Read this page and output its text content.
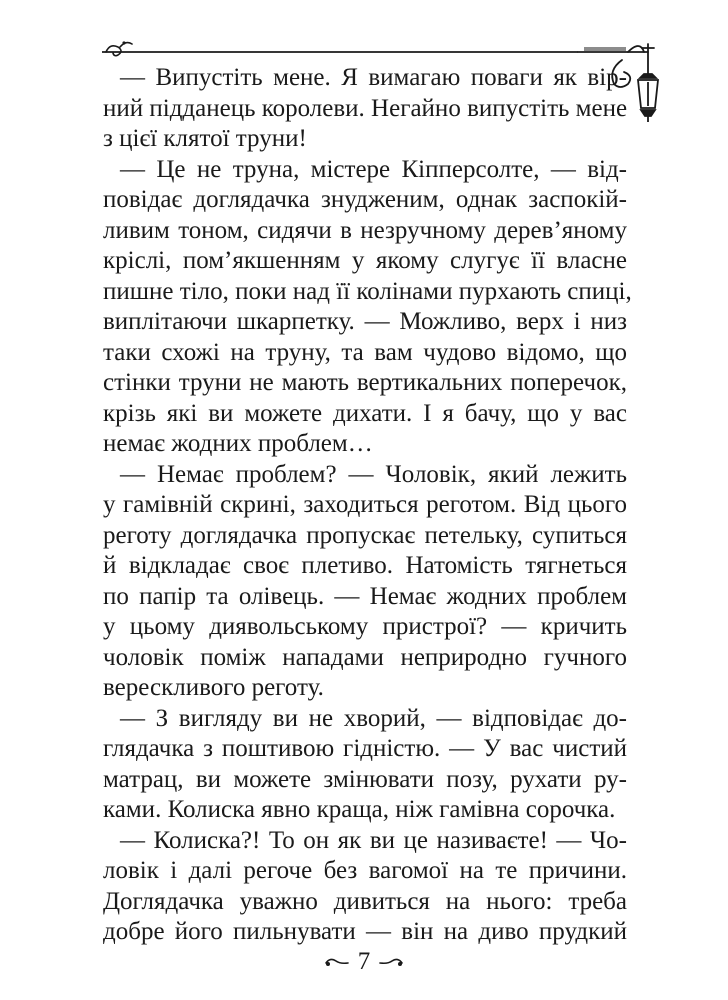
— Випустіть мене. Я вимагаю поваги як вір-
ний підданець королеви. Негайно випустіть мене
з цієї клятої труни!
— Це не труна, містере Кіпперсолте, — від-
повідає доглядачка знудженим, однак заспокій-
ливим тоном, сидячи в незручному дерев’яному
кріслі, пом’якшенням у якому слугує її власне
пишне тіло, поки над її колінами пурхають спиці,
виплітаючи шкарпетку. — Можливо, верх і низ
таки схожі на труну, та вам чудово відомо, що
стінки труни не мають вертикальних поперечок,
крізь які ви можете дихати. І я бачу, що у вас
немає жодних проблем…
— Немає проблем? — Чоловік, який лежить
у гамівній скрині, заходиться реготом. Від цього
реготу доглядачка пропускає петельку, супиться
й відкладає своє плетиво. Натомість тягнеться
по папір та олівець. — Немає жодних проблем
у цьому диявольському пристрої? — кричить
чоловік поміж нападами неприродно гучного
верескливого реготу.
— З вигляду ви не хворий, — відповідає до-
глядачка з поштивою гідністю. — У вас чистий
матрац, ви можете змінювати позу, рухати ру-
ками. Колиска явно краща, ніж гамівна сорочка.
— Колиска?! То он як ви це називаєте! — Чо-
ловік і далі регоче без вагомої на те причини.
Доглядачка уважно дивиться на нього: треба
добре його пильнувати — він на диво прудкий
7
